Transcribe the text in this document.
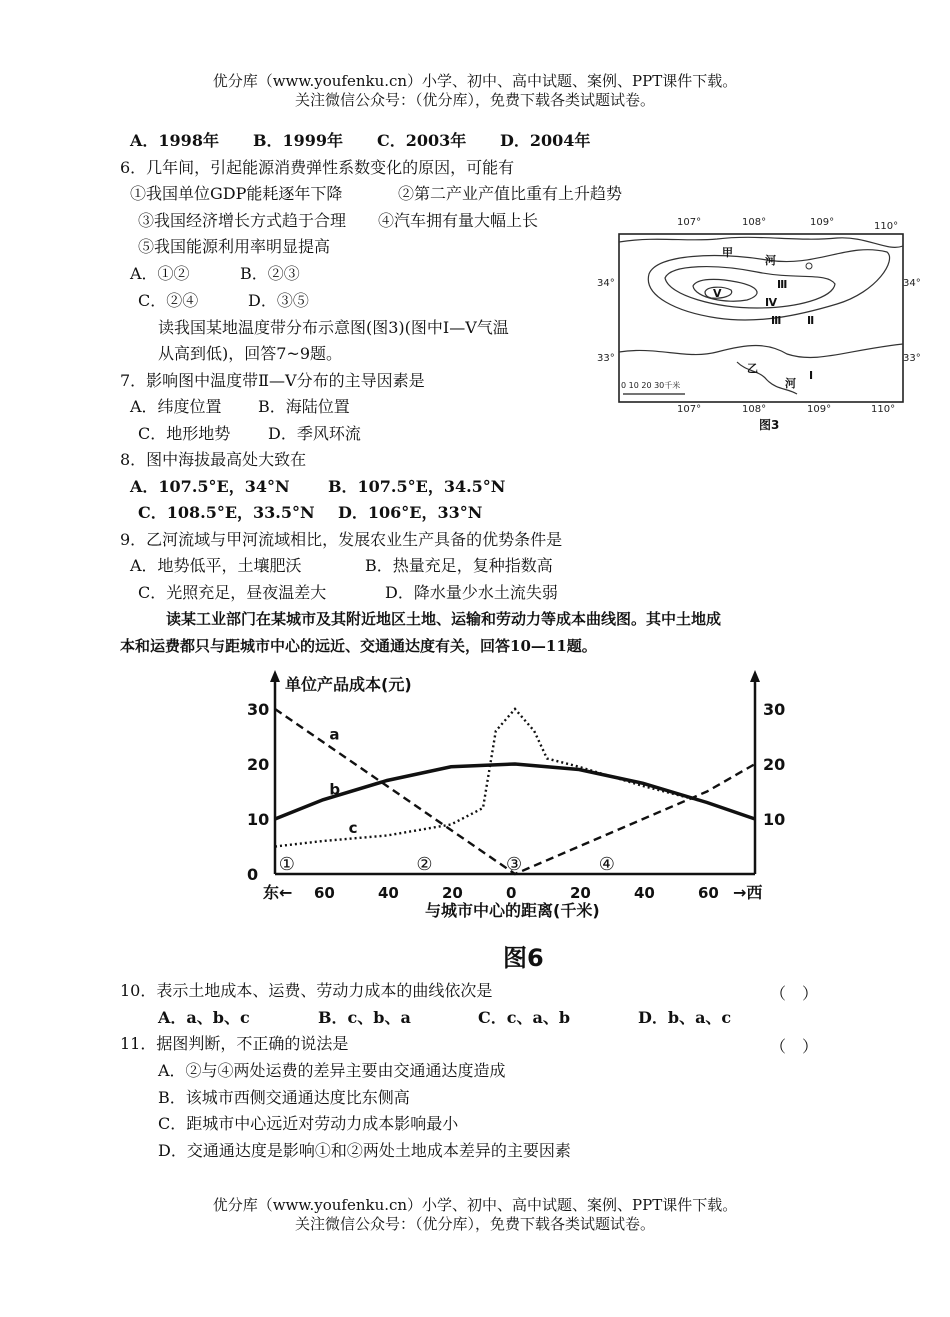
优分库（www.youfenku.cn）小学、初中、高中试题、案例、PPT课件下载。
关注微信公众号：（优分库），免费下载各类试题试卷。
A．1998年 B．1999年 C．2003年 D．2004年
6．几年间，引起能源消费弹性系数变化的原因，可能有
①我国单位GDP能耗逐年下降	②第二产业产值比重有上升趋势
③我国经济增长方式趋于合理 ④汽车拥有量大幅上长
⑤我国能源利用率明显提高
A．①②	B．②③
C．②④	D．③⑤
读我国某地温度带分布示意图(图3)(图中Ⅰ—Ⅴ气温
从高到低)，回答7~9题。
7．影响图中温度带Ⅱ—Ⅴ分布的主导因素是
A．纬度位置 B．海陆位置
C．地形地势 D．季风环流
8．图中海拔最高处大致在
A．107.5°E，34°N B．107.5°E，34.5°N
C．108.5°E，33.5°N D．106°E，33°N
9．乙河流域与甲河流域相比，发展农业生产具备的优势条件是
A．地势低平，土壤肥沃	B．热量充足，复种指数高
C．光照充足，昼夜温差大	D．降水量少水土流失弱
读某工业部门在某城市及其附近地区土地、运输和劳动力等成本曲线图。其中土地成
本和运费都只与距城市中心的远近、交通通达度有关，回答10—11题。
107°	108°	109°	110°
34°	34°
33°	33°
107°	108°	109°	110°
甲
河
Ⅲ
Ⅴ
Ⅳ
Ⅲ Ⅱ
乙
河
Ⅰ
0 10 20 30千米
图3
0
10
20
30
10
20
30
60	40	20	0	20	40	60
东←	→西
单位产品成本(元)
与城市中心的距离(千米)
图6
a
b
c
①	②	③	④
10．表示土地成本、运费、劳动力成本的曲线依次是	（　）
A．a、b、c	B．c、b、a	C．c、a、b	D．b、a、c
11．据图判断，不正确的说法是	（　）
A．②与④两处运费的差异主要由交通通达度造成
B．该城市西侧交通通达度比东侧高
C．距城市中心远近对劳动力成本影响最小
D．交通通达度是影响①和②两处土地成本差异的主要因素
优分库（www.youfenku.cn）小学、初中、高中试题、案例、PPT课件下载。
关注微信公众号：（优分库），免费下载各类试题试卷。
